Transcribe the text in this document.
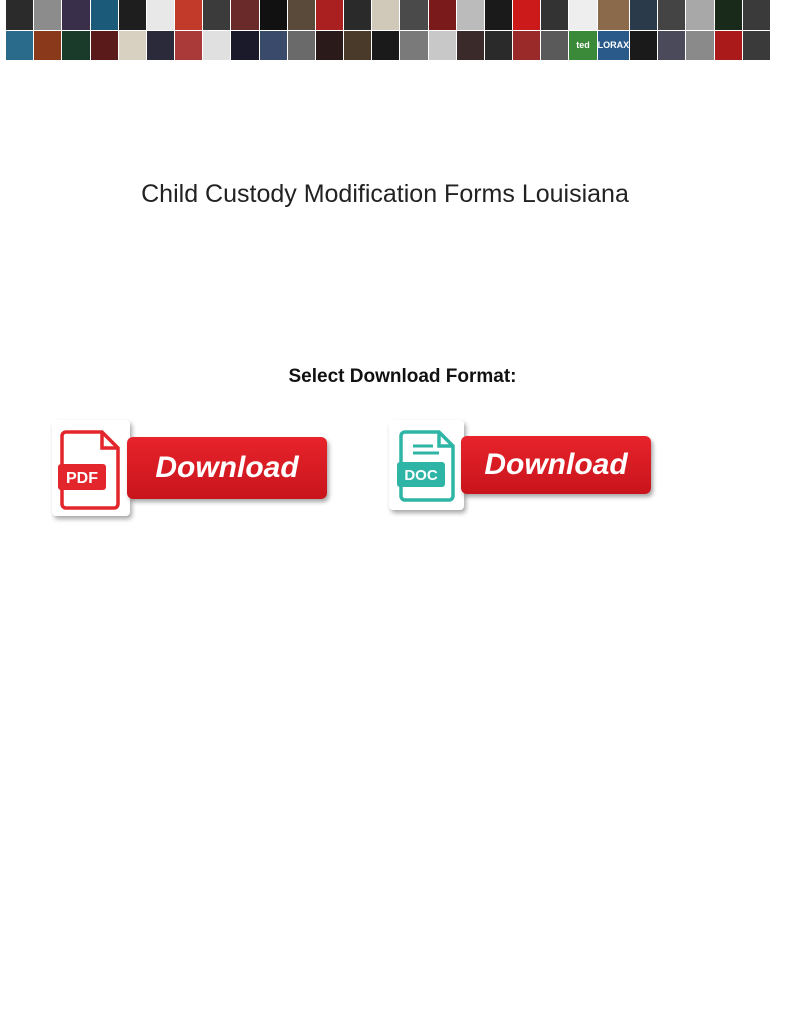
ted LORAX
Child Custody Modification Forms Louisiana
Select Download Format:
PDF Download	DOC Download
